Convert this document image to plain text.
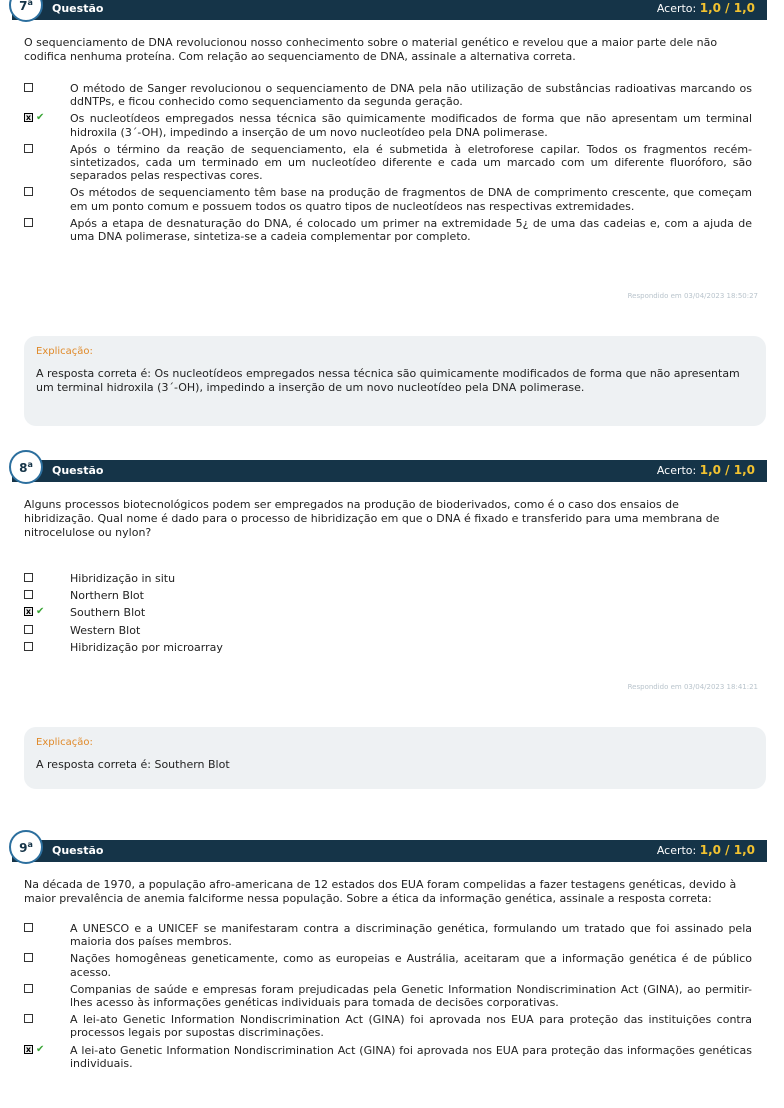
7$^a$ Questão	Acerto: 1,0 / 1,0
O sequenciamento de DNA revolucionou nosso conhecimento sobre o material genético e revelou que a maior parte dele não codifica nenhuma proteína. Com relação ao sequenciamento de DNA, assinale a alternativa correta.
O método de Sanger revolucionou o sequenciamento de DNA pela não utilização de substâncias radioativas marcando os ddNTPs, e ficou conhecido como sequenciamento da segunda geração.
x ✔ Os nucleotídeos empregados nessa técnica são quimicamente modificados de forma que não apresentam um terminal hidroxila (3´-OH), impedindo a inserção de um novo nucleotídeo pela DNA polimerase.
Após o término da reação de sequenciamento, ela é submetida à eletroforese capilar. Todos os fragmentos recém-sintetizados, cada um terminado em um nucleotídeo diferente e cada um marcado com um diferente fluoróforo, são separados pelas respectivas cores.
Os métodos de sequenciamento têm base na produção de fragmentos de DNA de comprimento crescente, que começam em um ponto comum e possuem todos os quatro tipos de nucleotídeos nas respectivas extremidades.
Após a etapa de desnaturação do DNA, é colocado um primer na extremidade 5¿ de uma das cadeias e, com a ajuda de uma DNA polimerase, sintetiza-se a cadeia complementar por completo.
Respondido em 03/04/2023 18:50:27
Explicação:
A resposta correta é: Os nucleotídeos empregados nessa técnica são quimicamente modificados de forma que não apresentam um terminal hidroxila (3´-OH), impedindo a inserção de um novo nucleotídeo pela DNA polimerase.
8$^a$ Questão	Acerto: 1,0 / 1,0
Alguns processos biotecnológicos podem ser empregados na produção de bioderivados, como é o caso dos ensaios de hibridização. Qual nome é dado para o processo de hibridização em que o DNA é fixado e transferido para uma membrana de nitrocelulose ou nylon?
Hibridização in situ
Northern Blot
x ✔ Southern Blot
Western Blot
Hibridização por microarray
Respondido em 03/04/2023 18:41:21
Explicação:
A resposta correta é: Southern Blot
9$^a$ Questão	Acerto: 1,0 / 1,0
Na década de 1970, a população afro-americana de 12 estados dos EUA foram compelidas a fazer testagens genéticas, devido à maior prevalência de anemia falciforme nessa população. Sobre a ética da informação genética, assinale a resposta correta:
A UNESCO e a UNICEF se manifestaram contra a discriminação genética, formulando um tratado que foi assinado pela maioria dos países membros.
Nações homogêneas geneticamente, como as europeias e Austrália, aceitaram que a informação genética é de público acesso.
Companias de saúde e empresas foram prejudicadas pela Genetic Information Nondiscrimination Act (GINA), ao permitir-lhes acesso às informações genéticas individuais para tomada de decisões corporativas.
A lei-ato Genetic Information Nondiscrimination Act (GINA) foi aprovada nos EUA para proteção das instituições contra processos legais por supostas discriminações.
x ✔ A lei-ato Genetic Information Nondiscrimination Act (GINA) foi aprovada nos EUA para proteção das informações genéticas individuais.
